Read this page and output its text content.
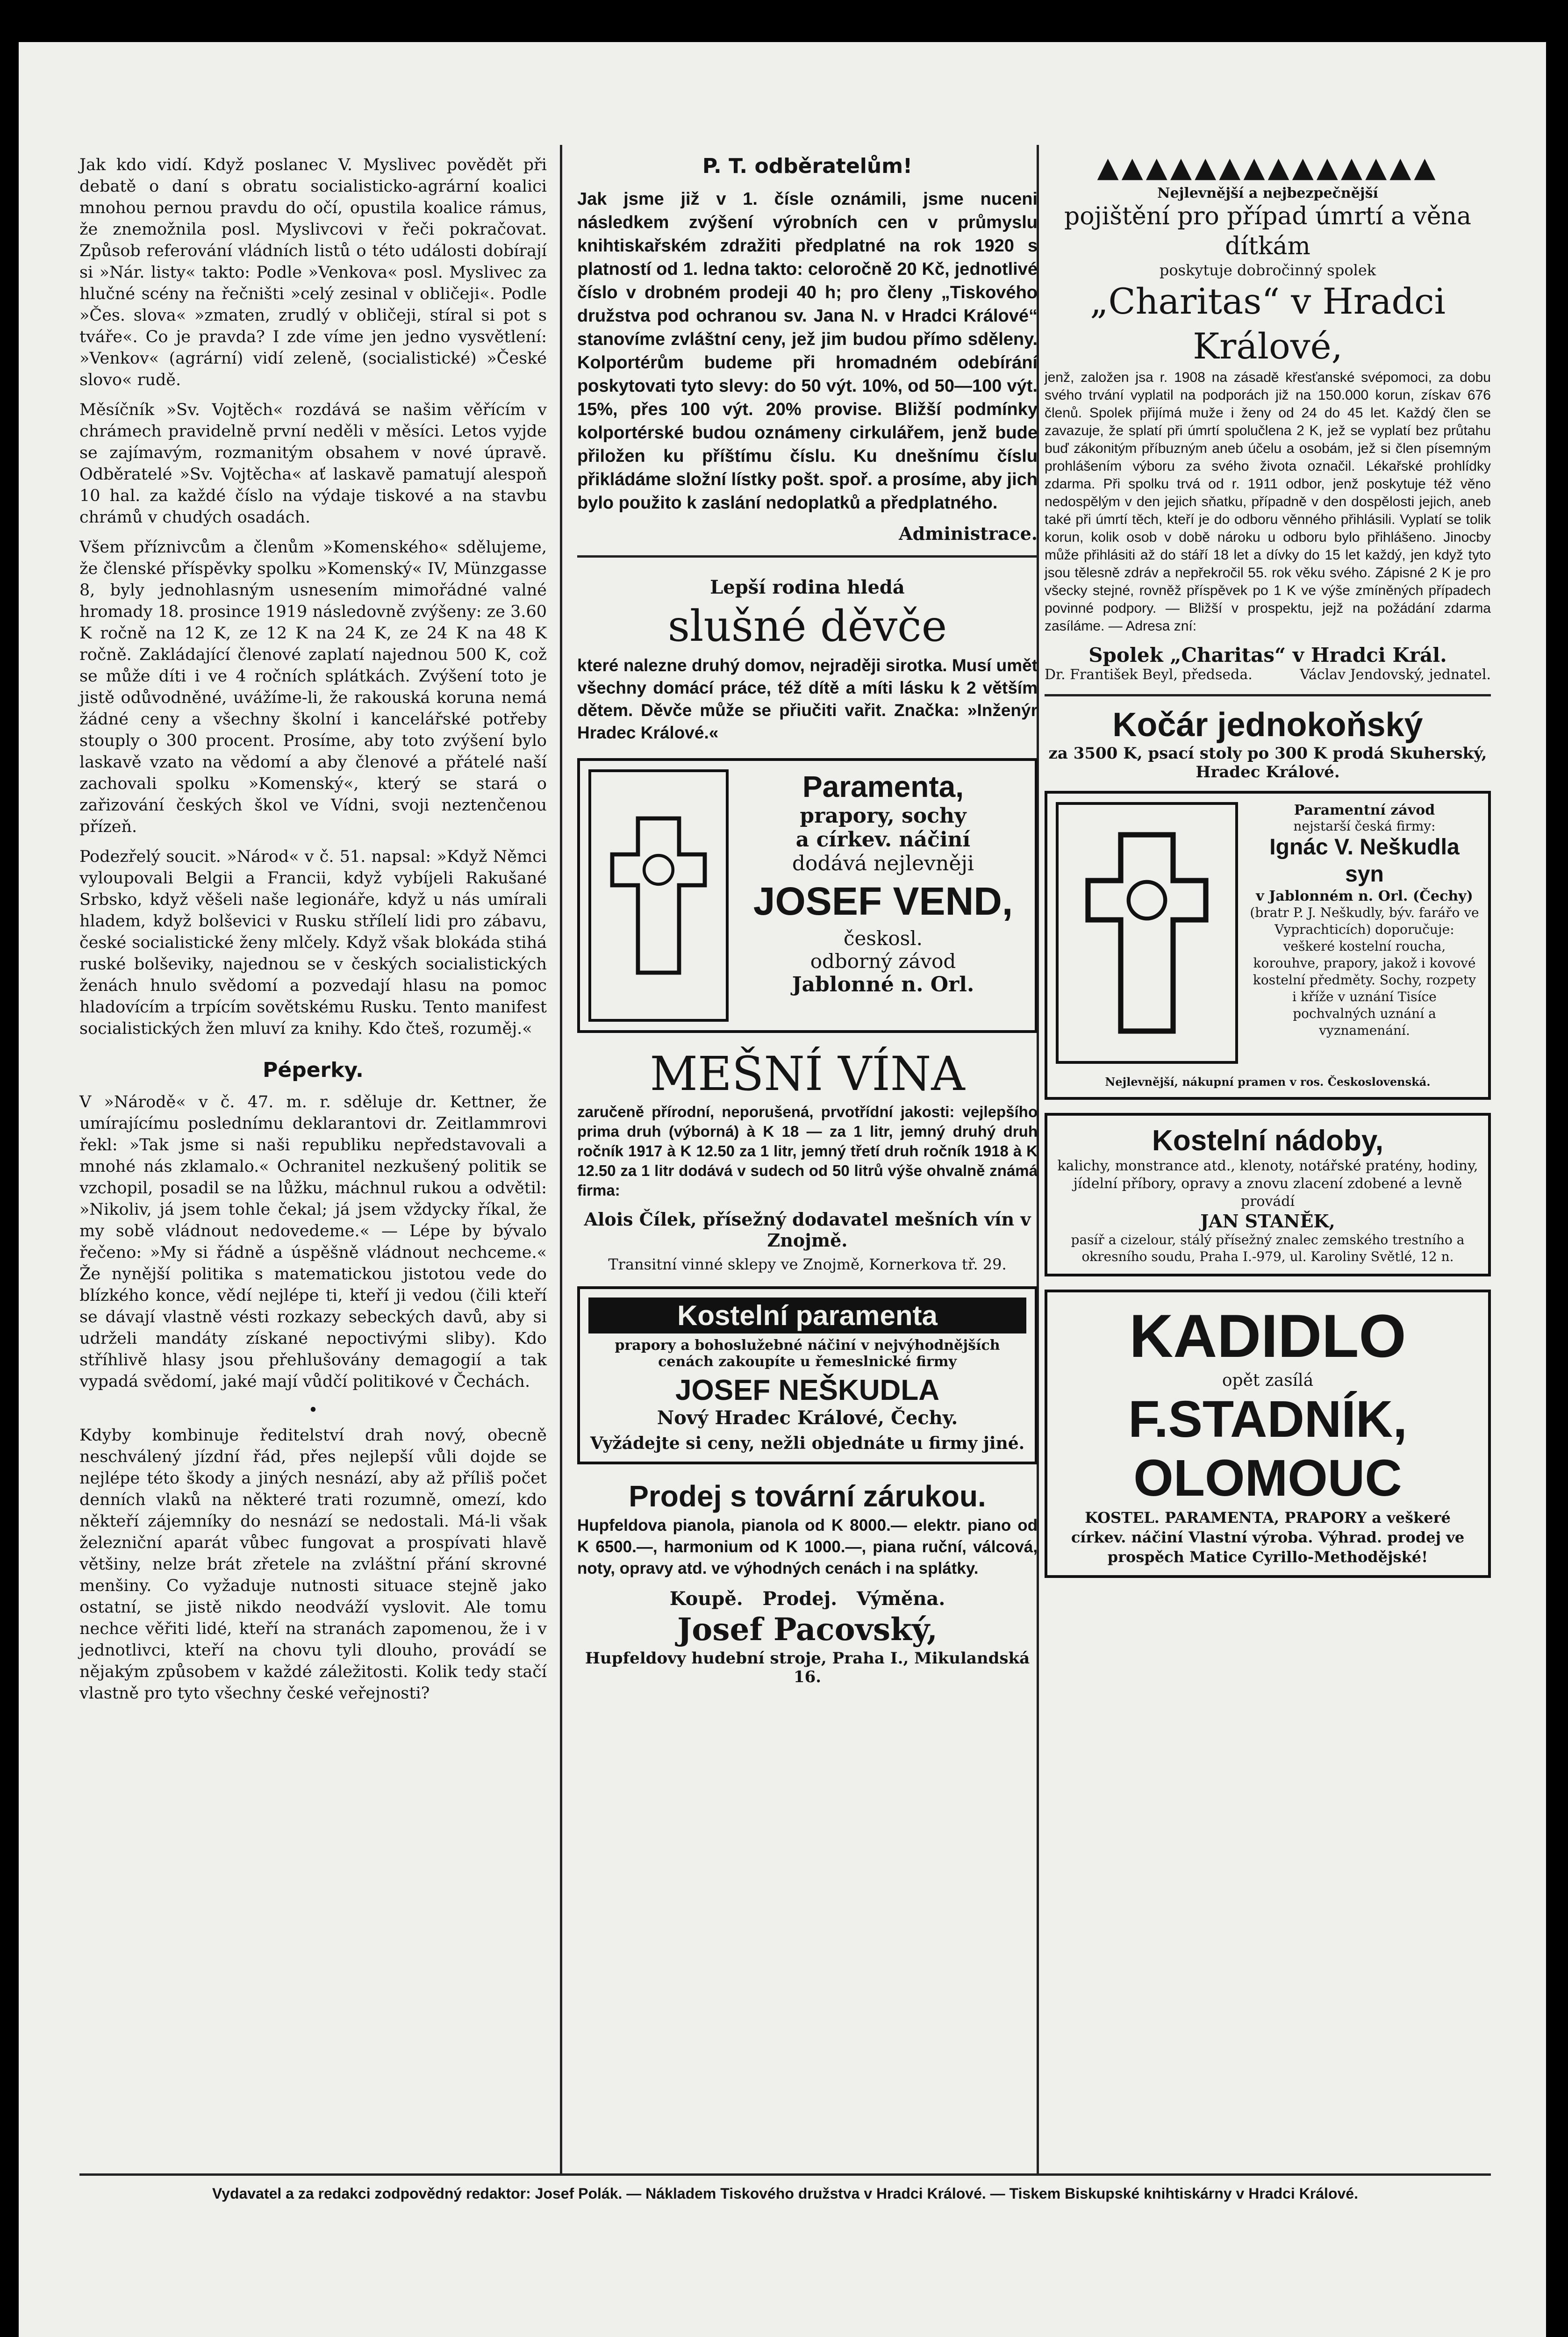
Jak kdo vidí. Když poslanec V. Myslivec povědět při debatě o daní s obratu socialisticko-agrární koalici mnohou pernou pravdu do očí, opustila koalice rámus, že znemožnila posl. Myslivcovi v řeči pokračovat. Způsob referování vládních listů o této události dobírají si »Nár. listy« takto: Podle »Venkova« posl. Myslivec za hlučné scény na řečništi »celý zesinal v obličeji«. Podle »Čes. slova« »zmaten, zrudlý v obličeji, stíral si pot s tváře«. Co je pravda? I zde víme jen jedno vysvětlení: »Venkov« (agrární) vidí zeleně, (socialistické) »České slovo« rudě.

Měsíčník »Sv. Vojtěch« rozdává se našim věřícím v chrámech pravidelně první neděli v měsíci. Letos vyjde se zajímavým, rozmanitým obsahem v nové úpravě. Odběratelé »Sv. Vojtěcha« ať laskavě pamatují alespoň 10 hal. za každé číslo na výdaje tiskové a na stavbu chrámů v chudých osadách.

Všem příznivcům a členům »Komenského« sdělujeme, že členské příspěvky spolku »Komenský« IV, Münzgasse 8, byly jednohlasným usnesením mimořádné valné hromady 18. prosince 1919 následovně zvýšeny: ze 3.60 K ročně na 12 K, ze 12 K na 24 K, ze 24 K na 48 K ročně. Zakládající členové zaplatí najednou 500 K, což se může díti i ve 4 ročních splátkách. Zvýšení toto je jistě odůvodněné, uvážíme-li, že rakouská koruna nemá žádné ceny a všechny školní i kancelářské potřeby stouply o 300 procent. Prosíme, aby toto zvýšení bylo laskavě vzato na vědomí a aby členové a přátelé naší zachovali spolku »Komenský«, který se stará o zařizování českých škol ve Vídni, svoji neztenčenou přízeň.

Podezřelý soucit. »Národ« v č. 51. napsal: »Když Němci vyloupovali Belgii a Francii, když vybíjeli Rakušané Srbsko, když věšeli naše legionáře, když u nás umírali hladem, když bolševici v Rusku střílelí lidi pro zábavu, české socialistické ženy mlčely. Když však blokáda stihá ruské bolševiky, najednou se v českých socialistických ženách hnulo svědomí a pozvedají hlasu na pomoc hladovícím a trpícím sovětskému Rusku. Tento manifest socialistických žen mluví za knihy. Kdo čteš, rozuměj.«

Péperky.

V »Národě« v č. 47. m. r. sděluje dr. Kettner, že umírajícímu poslednímu deklarantovi dr. Zeitlammrovi řekl: »Tak jsme si naši republiku nepředstavovali a mnohé nás zklamalo.« Ochranitel nezkušený politik se vzchopil, posadil se na lůžku, máchnul rukou a odvětil: »Nikoliv, já jsem tohle čekal; já jsem vždycky říkal, že my sobě vládnout nedovedeme.« — Lépe by bývalo řečeno: »My si řádně a úspěšně vládnout nechceme.« Že nynější politika s matematickou jistotou vede do blízkého konce, vědí nejlépe ti, kteří ji vedou (čili kteří se dávají vlastně vésti rozkazy sebeckých davů, aby si udrželi mandáty získané nepoctivými sliby). Kdo stříhlivě hlasy jsou přehlušovány demagogií a tak vypadá svědomí, jaké mají vůdčí politikové v Čechách.

•

Kdyby kombinuje ředitelství drah nový, obecně neschválený jízdní řád, přes nejlepší vůli dojde se nejlépe této škody a jiných nesnází, aby až příliš počet denních vlaků na některé trati rozumně, omezí, kdo někteří zájemníky do nesnází se nedostali. Má-li však železniční aparát vůbec fungovat a prospívati hlavě většiny, nelze brát zřetele na zvláštní přání skrovné menšiny. Co vyžaduje nutnosti situace stejně jako ostatní, se jistě nikdo neodváží vyslovit. Ale tomu nechce věřiti lidé, kteří na stranách zapomenou, že i v jednotlivci, kteří na chovu tyli dlouho, provádí se nějakým způsobem v každé záležitosti. Kolik tedy stačí vlastně pro tyto všechny české veřejnosti?

P. T. odběratelům!

Jak jsme již v 1. čísle oznámili, jsme nuceni následkem zvýšení výrobních cen v průmyslu knihtiskařském zdražiti předplatné na rok 1920 s platností od 1. ledna takto: celoročně 20 Kč, jednotlivé číslo v drobném prodeji 40 h; pro členy „Tiskového družstva pod ochranou sv. Jana N. v Hradci Králové“ stanovíme zvláštní ceny, jež jim budou přímo sděleny. Kolportérům budeme při hromadném odebírání poskytovati tyto slevy: do 50 výt. 10%, od 50—100 výt. 15%, přes 100 výt. 20% provise. Bližší podmínky kolportérské budou oznámeny cirkulářem, jenž bude přiložen ku příštímu číslu. Ku dnešnímu číslu přikládáme složní lístky pošt. spoř. a prosíme, aby jich bylo použito k zaslání nedoplatků a předplatného.

Administrace.
Lepší rodina hledá
slušné děvče

které nalezne druhý domov, nejraději sirotka. Musí umět všechny domácí práce, též dítě a míti lásku k 2 větším dětem. Děvče může se přiučiti vařit. Značka: »Inženýr Hradec Králové.«

Paramenta,
prapory, sochy
a církev. náčiní
dodává nejlevněji
JOSEF VEND,
českosl.
odborný závod
Jablonné n. Orl.
MEŠNÍ VÍNA

zaručeně přírodní, neporušená, prvotřídní jakosti: vejlepšího prima druh (výborná) à K 18 — za 1 litr, jemný druhý druh ročník 1917 à K 12.50 za 1 litr, jemný třetí druh ročník 1918 à K 12.50 za 1 litr dodává v sudech od 50 litrů výše ohvalně známá firma:

Alois Čílek, přísežný dodavatel mešních vín v Znojmě.
Transitní vinné sklepy ve Znojmě, Kornerkova tř. 29.
Kostelní paramenta
prapory a bohoslužebné náčiní v nejvýhodnějších cenách zakoupíte u řemeslnické firmy
JOSEF NEŠKUDLA
Nový Hradec Králové, Čechy.
Vyžádejte si ceny, nežli objednáte u firmy jiné.
Prodej s tovární zárukou.

Hupfeldova pianola, pianola od K 8000.— elektr. piano od K 6500.—, harmonium od K 1000.—, piana ruční, válcová, noty, opravy atd. ve výhodných cenách i na splátky.

Koupě.   Prodej.   Výměna.
Josef Pacovský,
Hupfeldovy hudební stroje, Praha I., Mikulandská 16.
▲▲▲▲▲▲▲▲▲▲▲▲▲▲
Nejlevnější a nejbezpečnější
pojištění pro případ úmrtí a věna dítkám
poskytuje dobročinný spolek
„Charitas“ v Hradci Králové,

jenž, založen jsa r. 1908 na zásadě křesťanské svépomoci, za dobu svého trvání vyplatil na podporách již na 150.000 korun, získav 676 členů. Spolek přijímá muže i ženy od 24 do 45 let. Každý člen se zavazuje, že splatí při úmrtí spolučlena 2 K, jež se vyplatí bez průtahu buď zákonitým příbuzným aneb účelu a osobám, jež si člen písemným prohlášením výboru za svého života označil. Lékařské prohlídky zdarma. Při spolku trvá od r. 1911 odbor, jenž poskytuje též věno nedospělým v den jejich sňatku, případně v den dospělosti jejich, aneb také při úmrtí těch, kteří je do odboru věnného přihlásili. Vyplatí se tolik korun, kolik osob v době nároku u odboru bylo přihlášeno. Jinocby může přihlásiti až do stáří 18 let a dívky do 15 let každý, jen když tyto jsou tělesně zdráv a nepřekročil 55. rok věku svého. Zápisné 2 K je pro všecky stejné, rovněž příspěvek po 1 K ve výše zmíněných případech povinné podpory. — Bližší v prospektu, jejž na požádání zdarma zasíláme. — Adresa zní:

Spolek „Charitas“ v Hradci Král.
Dr. František Beyl, předseda.	Václav Jendovský, jednatel.
Kočár jednokoňský
za 3500 K, psací stoly po 300 K prodá Skuherský, Hradec Králové.
Paramentní závod
nejstarší česká firmy:
Ignác V. Neškudla syn
v Jablonném n. Orl. (Čechy)
(bratr P. J. Neškudly, býv. farářo ve Vyprachticích) doporučuje: veškeré kostelní roucha, korouhve, prapory, jakož i kovové kostelní předměty. Sochy, rozpety i kříže v uznání Tisíce pochvalných uznání a vyznamenání.
Nejlevnější, nákupní pramen v ros. Československá.
Kostelní nádoby,
kalichy, monstrance atd., klenoty, notářské pratény, hodiny, jídelní příbory, opravy a znovu zlacení zdobené a levně provádí
JAN STANĚK,
pasíř a cizelour, stálý přísežný znalec zemského trestního a okresního soudu, Praha I.-979, ul. Karoliny Světlé, 12 n.
KADIDLO
opět zasílá
F.STADNÍK,
OLOMOUC
KOSTEL. PARAMENTA, PRAPORY a veškeré církev. náčiní Vlastní výroba. Výhrad. prodej ve prospěch Matice Cyrillo-Methodějské!
Vydavatel a za redakci zodpovědný redaktor: Josef Polák. — Nákladem Tiskového družstva v Hradci Králové. — Tiskem Biskupské knihtiskárny v Hradci Králové.
